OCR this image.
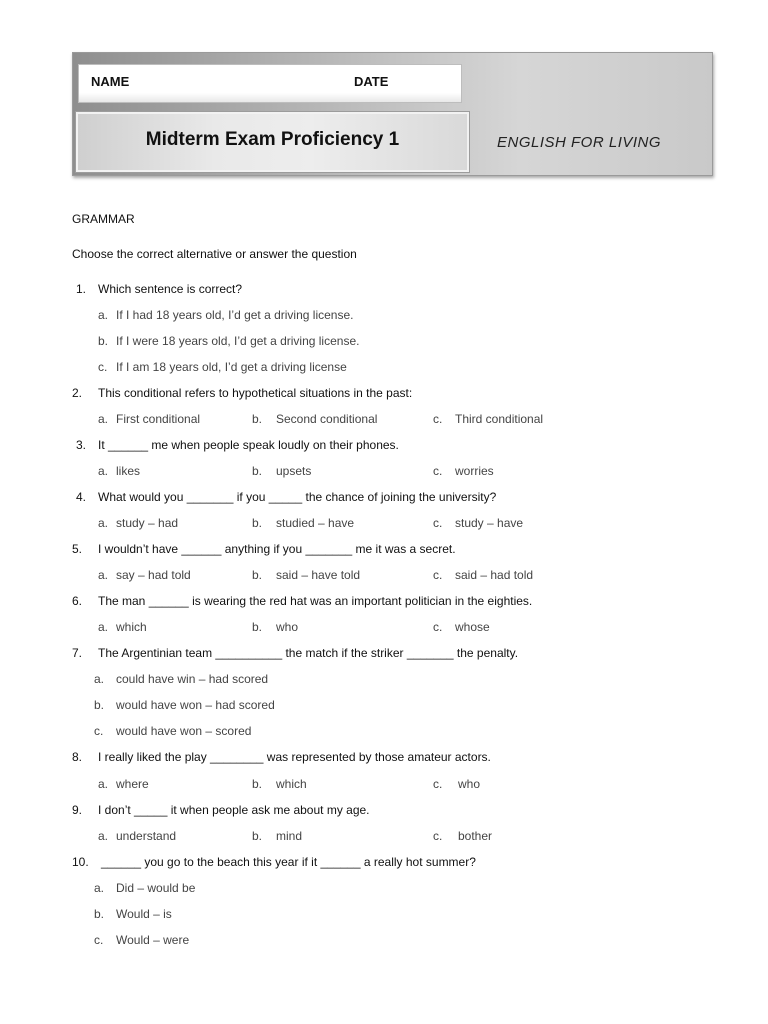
NAME	DATE
Midterm Exam Proficiency 1	ENGLISH FOR LIVING
GRAMMAR
Choose the correct alternative or answer the question
1. Which sentence is correct?
a. If I had 18 years old, I’d get a driving license.
b. If I were 18 years old, I’d get a driving license.
c. If I am 18 years old, I’d get a driving license
2. This conditional refers to hypothetical situations in the past:
a. First conditional	b. Second conditional	c. Third conditional
3. It ______ me when people speak loudly on their phones.
a. likes	b. upsets	c. worries
4. What would you _______ if you _____ the chance of joining the university?
a. study – had	b. studied – have	c. study – have
5. I wouldn’t have ______ anything if you _______ me it was a secret.
a. say – had told	b. said – have told	c. said – had told
6. The man ______ is wearing the red hat was an important politician in the eighties.
a. which	b. who	c. whose
7. The Argentinian team __________ the match if the striker _______ the penalty.
a. could have win – had scored
b. would have won – had scored
c. would have won – scored
8. I really liked the play ________ was represented by those amateur actors.
a. where	b. which	c. who
9. I don’t _____ it when people ask me about my age.
a. understand	b. mind	c. bother
10. ______ you go to the beach this year if it ______ a really hot summer?
a. Did – would be
b. Would – is
c. Would – were
